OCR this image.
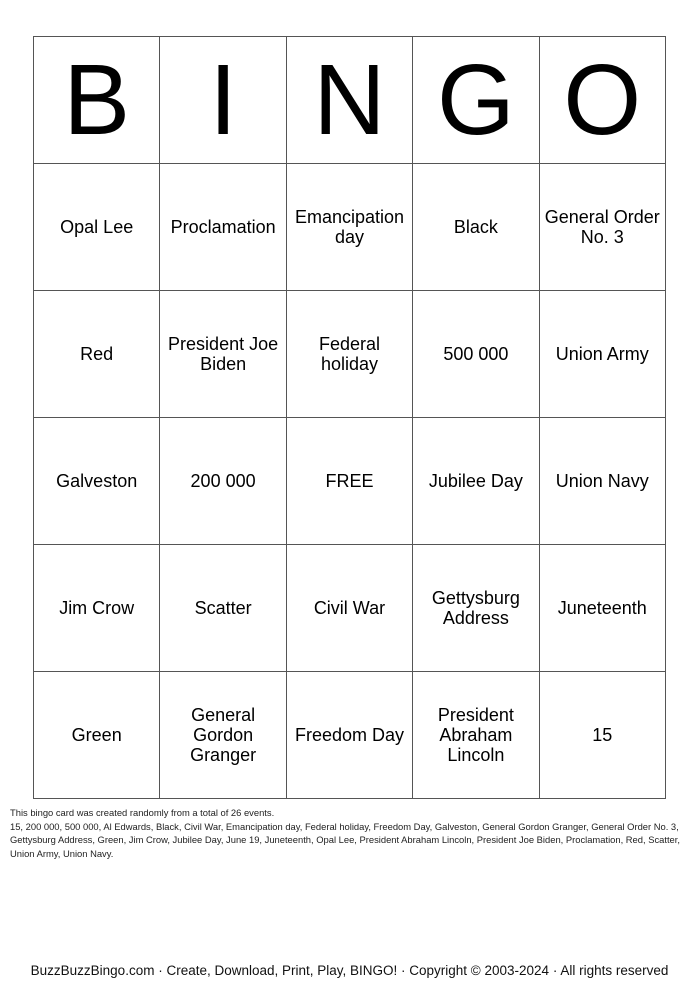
B	I	N	G	O
Opal Lee	Proclamation	Emancipation day	Black	General Order No. 3
Red	President Joe Biden	Federal holiday	500 000	Union Army
Galveston	200 000	FREE	Jubilee Day	Union Navy
Jim Crow	Scatter	Civil War	Gettysburg Address	Juneteenth
Green	General Gordon Granger	Freedom Day	President Abraham Lincoln	15
This bingo card was created randomly from a total of 26 events.
15, 200 000, 500 000, Al Edwards, Black, Civil War, Emancipation day, Federal holiday, Freedom Day, Galveston, General Gordon Granger, General Order No. 3, Gettysburg Address, Green, Jim Crow, Jubilee Day, June 19, Juneteenth, Opal Lee, President Abraham Lincoln, President Joe Biden, Proclamation, Red, Scatter, Union Army, Union Navy.
BuzzBuzzBingo.com · Create, Download, Print, Play, BINGO! · Copyright © 2003-2024 · All rights reserved
